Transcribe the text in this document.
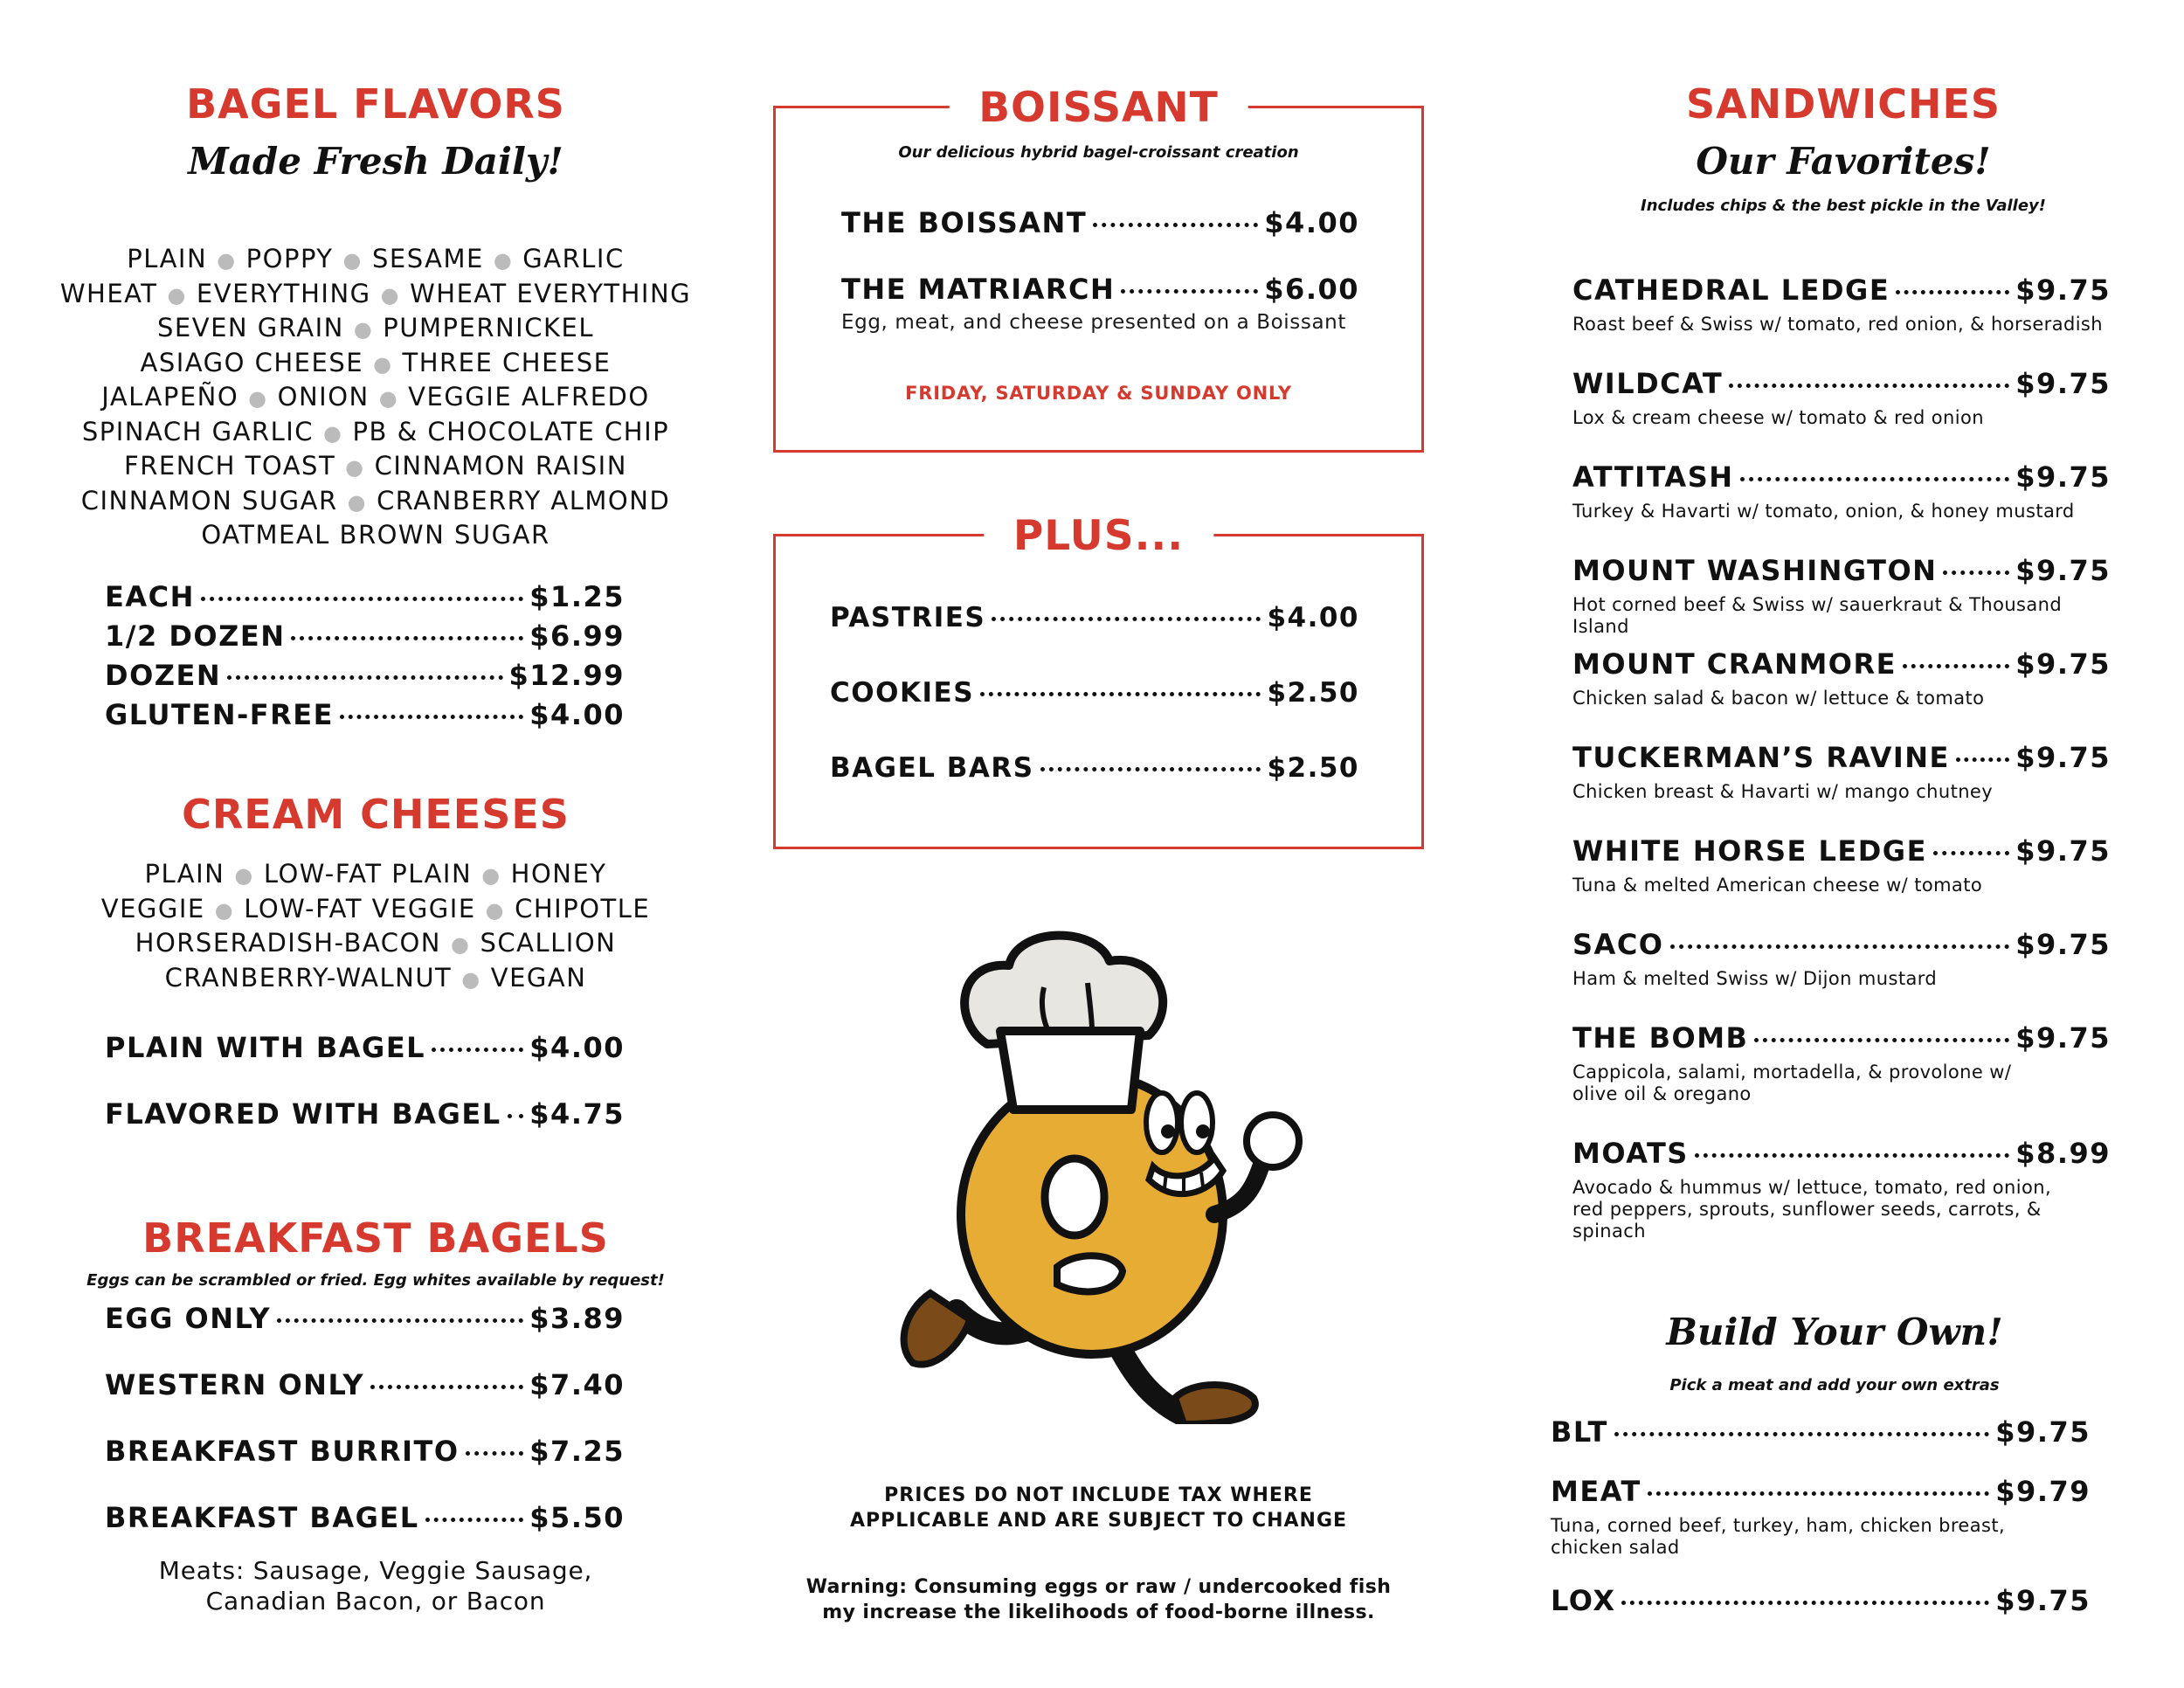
BAGEL FLAVORS
Made Fresh Daily!
PLAIN ● POPPY ● SESAME ● GARLIC
WHEAT ● EVERYTHING ● WHEAT EVERYTHING
SEVEN GRAIN ● PUMPERNICKEL
ASIAGO CHEESE ● THREE CHEESE
JALAPEÑO ● ONION ● VEGGIE ALFREDO
SPINACH GARLIC ● PB & CHOCOLATE CHIP
FRENCH TOAST ● CINNAMON RAISIN
CINNAMON SUGAR ● CRANBERRY ALMOND
OATMEAL BROWN SUGAR
EACH	$1.25
1/2 DOZEN	$6.99
DOZEN	$12.99
GLUTEN-FREE	$4.00
CREAM CHEESES
PLAIN ● LOW-FAT PLAIN ● HONEY
VEGGIE ● LOW-FAT VEGGIE ● CHIPOTLE
HORSERADISH-BACON ● SCALLION
CRANBERRY-WALNUT ● VEGAN
PLAIN WITH BAGEL	$4.00
FLAVORED WITH BAGEL $4.75
BREAKFAST BAGELS
Eggs can be scrambled or fried. Egg whites available by request!
EGG ONLY	$3.89
WESTERN ONLY	$7.40
BREAKFAST BURRITO	$7.25
BREAKFAST BAGEL	$5.50
Meats: Sausage, Veggie Sausage,
Canadian Bacon, or Bacon
BOISSANT
Our delicious hybrid bagel-croissant creation
THE BOISSANT	$4.00
THE MATRIARCH	$6.00
Egg, meat, and cheese presented on a Boissant
FRIDAY, SATURDAY & SUNDAY ONLY
PLUS...
PASTRIES	$4.00
COOKIES	$2.50
BAGEL BARS	$2.50
PRICES DO NOT INCLUDE TAX WHERE
APPLICABLE AND ARE SUBJECT TO CHANGE
Warning: Consuming eggs or raw / undercooked fish
my increase the likelihoods of food-borne illness.
SANDWICHES
Our Favorites!
Includes chips & the best pickle in the Valley!
CATHEDRAL LEDGE	$9.75
Roast beef & Swiss w/ tomato, red onion, & horseradish
WILDCAT	$9.75
Lox & cream cheese w/ tomato & red onion
ATTITASH	$9.75
Turkey & Havarti w/ tomato, onion, & honey mustard
MOUNT WASHINGTON	$9.75
Hot corned beef & Swiss w/ sauerkraut & Thousand Island
MOUNT CRANMORE	$9.75
Chicken salad & bacon w/ lettuce & tomato
TUCKERMAN’S RAVINE $9.75
Chicken breast & Havarti w/ mango chutney
WHITE HORSE LEDGE	$9.75
Tuna & melted American cheese w/ tomato
SACO	$9.75
Ham & melted Swiss w/ Dijon mustard
THE BOMB	$9.75
Cappicola, salami, mortadella, & provolone w/
olive oil & oregano
MOATS	$8.99
Avocado & hummus w/ lettuce, tomato, red onion,
red peppers, sprouts, sunflower seeds, carrots, & spinach
Build Your Own!
Pick a meat and add your own extras
BLT	$9.75
MEAT	$9.79
Tuna, corned beef, turkey, ham, chicken breast,
chicken salad
LOX	$9.75
